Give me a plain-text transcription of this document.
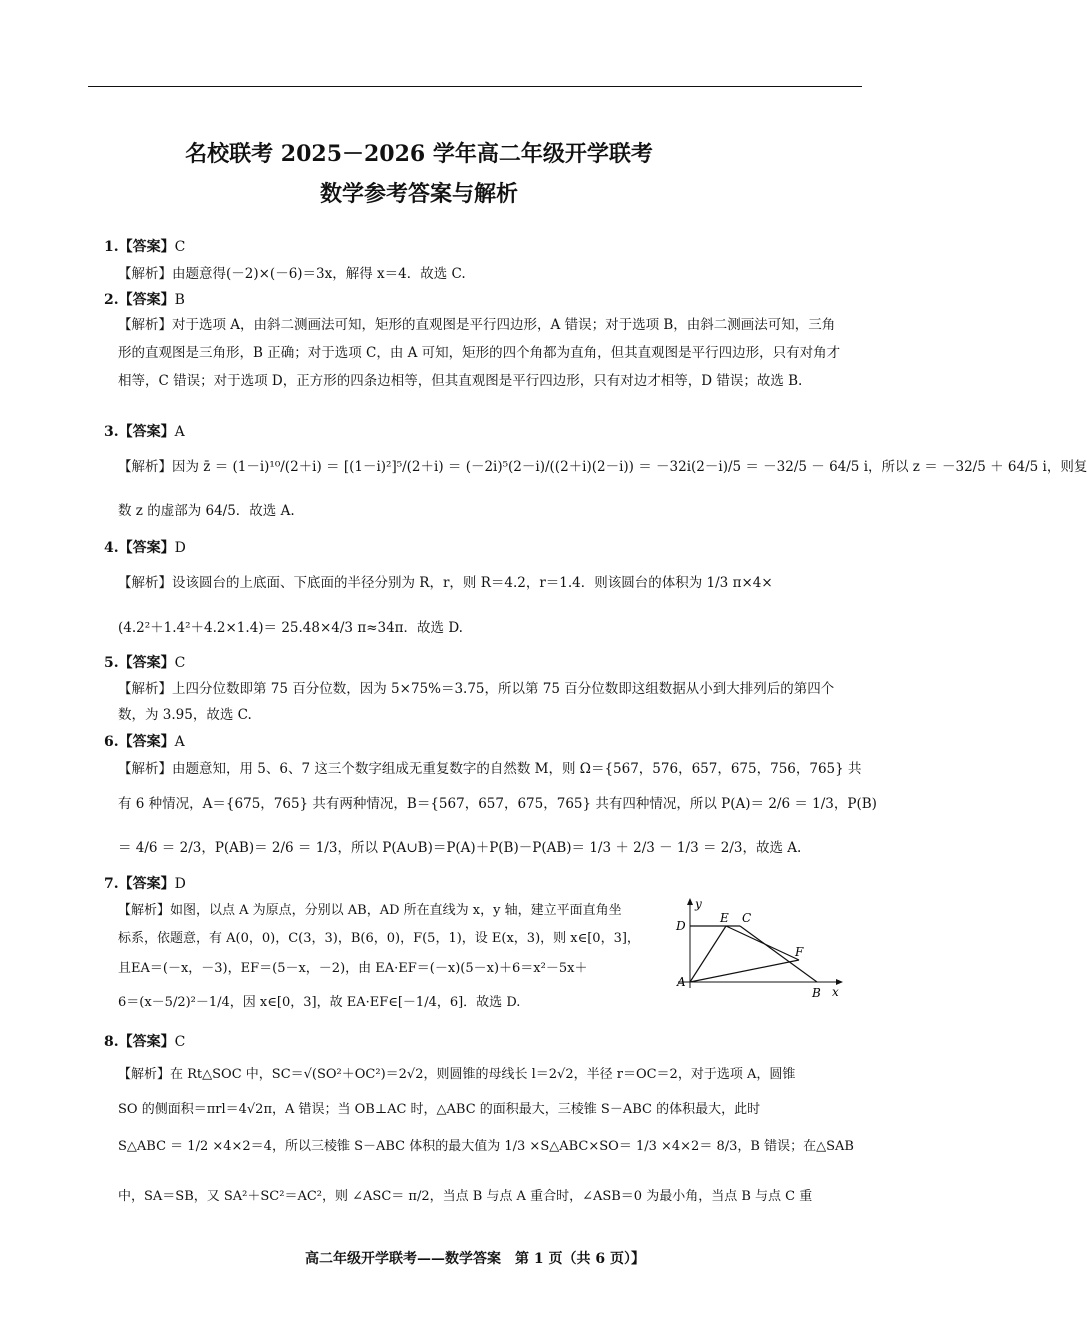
名校联考 2025－2026 学年高二年级开学联考
数学参考答案与解析
1.【答案】C
【解析】由题意得(－2)×(－6)＝3x，解得 x＝4．故选 C.
2.【答案】B
【解析】对于选项 A，由斜二测画法可知，矩形的直观图是平行四边形，A 错误；对于选项 B，由斜二测画法可知，三角形的直观图是三角形，B 正确；对于选项 C，由 A 可知，矩形的四个角都为直角，但其直观图是平行四边形，只有对角才相等，C 错误；对于选项 D，正方形的四条边相等，但其直观图是平行四边形，只有对边才相等，D 错误；故选 B.
3.【答案】A
【解析】因为 z̄ ＝ (1－i)¹⁰/(2＋i) ＝ [(1－i)²]⁵/(2＋i) ＝ (－2i)⁵(2－i)/((2＋i)(2－i)) ＝ －32i(2－i)/5 ＝ －32/5 － 64/5 i，所以 z ＝ －32/5 ＋ 64/5 i，则复
数 z 的虚部为 64/5．故选 A.
4.【答案】D
【解析】设该圆台的上底面、下底面的半径分别为 R，r，则 R＝4.2，r＝1.4．则该圆台的体积为 1/3 π×4×
(4.2²＋1.4²＋4.2×1.4)＝ 25.48×4/3 π≈34π．故选 D.
5.【答案】C
【解析】上四分位数即第 75 百分位数，因为 5×75%＝3.75，所以第 75 百分位数即这组数据从小到大排列后的第四个数，为 3.95，故选 C.
6.【答案】A
【解析】由题意知，用 5、6、7 这三个数字组成无重复数字的自然数 M，则 Ω＝{567，576，657，675，756，765} 共
有 6 种情况，A＝{675，765} 共有两种情况，B＝{567，657，675，765} 共有四种情况，所以 P(A)＝ 2/6 ＝ 1/3，P(B)
＝ 4/6 ＝ 2/3，P(AB)＝ 2/6 ＝ 1/3，所以 P(A∪B)＝P(A)＋P(B)－P(AB)＝ 1/3 ＋ 2/3 － 1/3 ＝ 2/3，故选 A.
7.【答案】D
【解析】如图，以点 A 为原点，分别以 AB，AD 所在直线为 x，y 轴，建立平面直角坐
标系，依题意，有 A(0，0)，C(3，3)，B(6，0)，F(5，1)，设 E(x，3)，则 x∈[0，3]，
且EA＝(－x，－3)，EF＝(5－x，－2)，由 EA·EF＝(－x)(5－x)＋6＝x²－5x＋
6＝(x－5/2)²－1/4，因 x∈[0，3]，故 EA·EF∈[－1/4，6]．故选 D.
y
D
E C
F
A
B x
8.【答案】C
【解析】在 Rt△SOC 中，SC＝√(SO²＋OC²)＝2√2，则圆锥的母线长 l＝2√2，半径 r＝OC＝2，对于选项 A，圆锥
SO 的侧面积＝πrl＝4√2π，A 错误；当 OB⊥AC 时，△ABC 的面积最大，三棱锥 S－ABC 的体积最大，此时
S△ABC ＝ 1/2 ×4×2＝4，所以三棱锥 S－ABC 体积的最大值为 1/3 ×S△ABC×SO＝ 1/3 ×4×2＝ 8/3，B 错误；在△SAB
中，SA＝SB，又 SA²＋SC²＝AC²，则 ∠ASC＝ π/2，当点 B 与点 A 重合时，∠ASB＝0 为最小角，当点 B 与点 C 重
高二年级开学联考——数学答案　第 1 页（共 6 页）】
